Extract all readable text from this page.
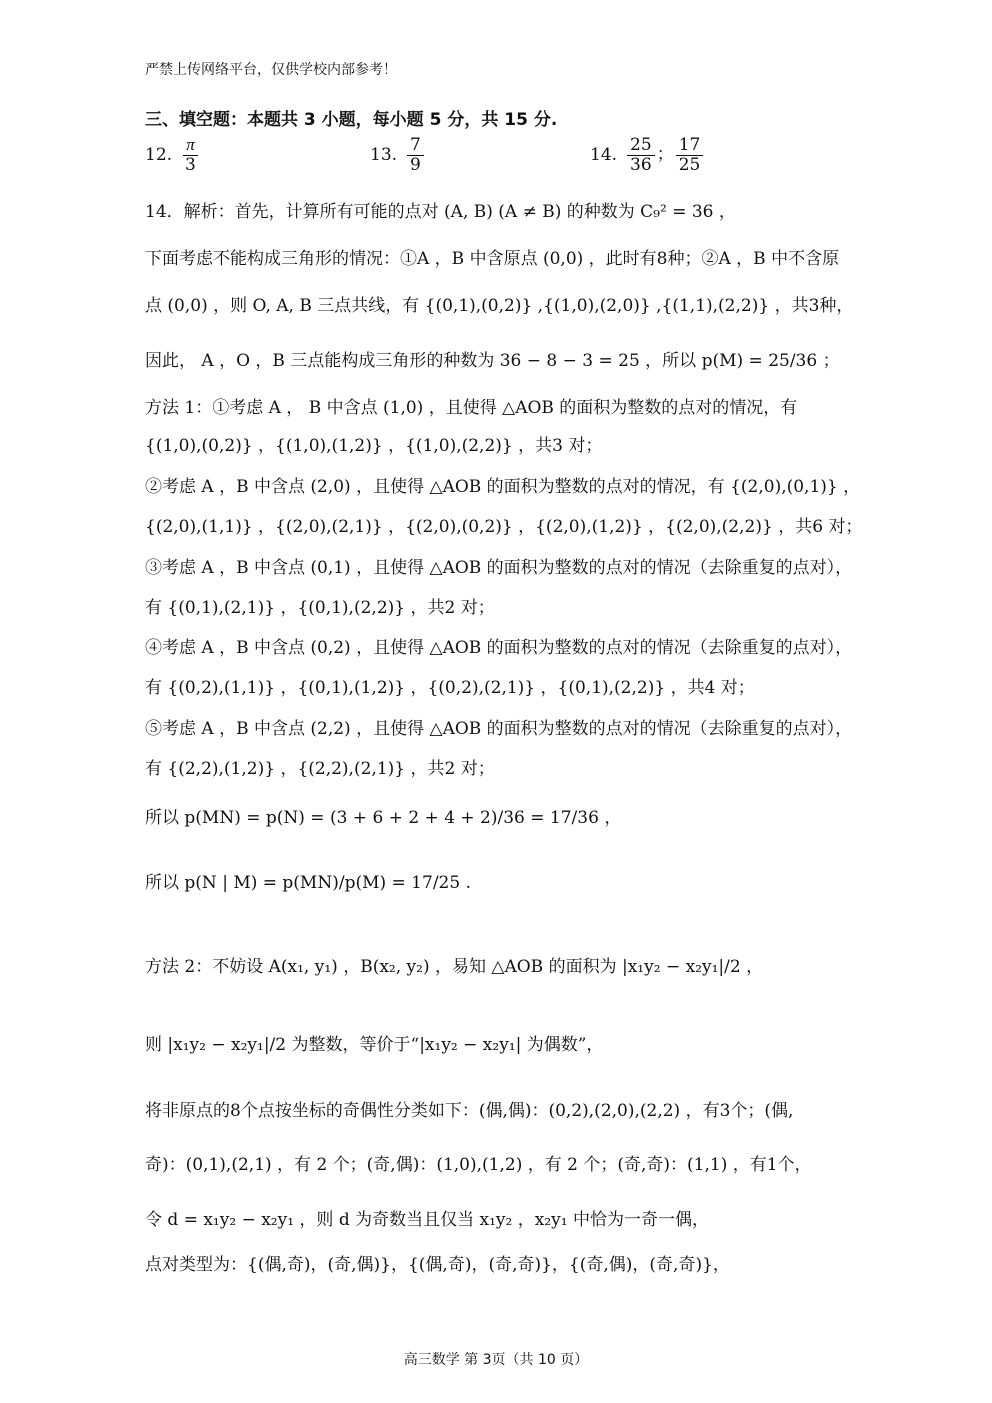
严禁上传网络平台，仅供学校内部参考！
三、填空题：本题共 3 小题，每小题 5 分，共 15 分.
12. $\frac{\pi}{3}$	13. $\frac{7}{9}$	14. $\frac{25}{36}$ ； $\frac{17}{25}$
14．解析：首先，计算所有可能的点对 (A, B) (A ≠ B) 的种数为 C₉² = 36 ，
下面考虑不能构成三角形的情况：①A ，B 中含原点 (0,0) ，此时有8种；②A ，B 中不含原
点 (0,0) ，则 O, A, B 三点共线，有 {(0,1),(0,2)} ,{(1,0),(2,0)} ,{(1,1),(2,2)} ，共3种，
因此， A ，O ，B 三点能构成三角形的种数为 36 − 8 − 3 = 25 ，所以 p(M) = 25/36 ；
方法 1：①考虑 A ， B 中含点 (1,0) ，且使得 △AOB 的面积为整数的点对的情况，有
{(1,0),(0,2)} ，{(1,0),(1,2)} ，{(1,0),(2,2)} ，共3 对；
②考虑 A ，B 中含点 (2,0) ，且使得 △AOB 的面积为整数的点对的情况，有 {(2,0),(0,1)} ，
{(2,0),(1,1)} ，{(2,0),(2,1)} ，{(2,0),(0,2)} ，{(2,0),(1,2)} ，{(2,0),(2,2)} ，共6 对；
③考虑 A ，B 中含点 (0,1) ，且使得 △AOB 的面积为整数的点对的情况（去除重复的点对），
有 {(0,1),(2,1)} ，{(0,1),(2,2)} ，共2 对；
④考虑 A ，B 中含点 (0,2) ，且使得 △AOB 的面积为整数的点对的情况（去除重复的点对），
有 {(0,2),(1,1)} ，{(0,1),(1,2)} ，{(0,2),(2,1)} ，{(0,1),(2,2)} ，共4 对；
⑤考虑 A ，B 中含点 (2,2) ，且使得 △AOB 的面积为整数的点对的情况（去除重复的点对），
有 {(2,2),(1,2)} ，{(2,2),(2,1)} ，共2 对；
所以 p(MN) = p(N) = (3 + 6 + 2 + 4 + 2)/36 = 17/36 ，
所以 p(N | M) = p(MN)/p(M) = 17/25 .
方法 2：不妨设 A(x₁, y₁) ，B(x₂, y₂) ，易知 △AOB 的面积为 |x₁y₂ − x₂y₁|/2 ，
则 |x₁y₂ − x₂y₁|/2 为整数，等价于“|x₁y₂ − x₂y₁| 为偶数”，
将非原点的8个点按坐标的奇偶性分类如下：(偶,偶)：(0,2),(2,0),(2,2) ，有3个；(偶,
奇)：(0,1),(2,1) ，有 2 个；(奇,偶)：(1,0),(1,2) ，有 2 个；(奇,奇)：(1,1) ，有1个，
令 d = x₁y₂ − x₂y₁ ，则 d 为奇数当且仅当 x₁y₂ ，x₂y₁ 中恰为一奇一偶，
点对类型为：{(偶,奇)，(奇,偶)}，{(偶,奇)，(奇,奇)}，{(奇,偶)，(奇,奇)}，
高三数学 第 3页（共 10 页）
